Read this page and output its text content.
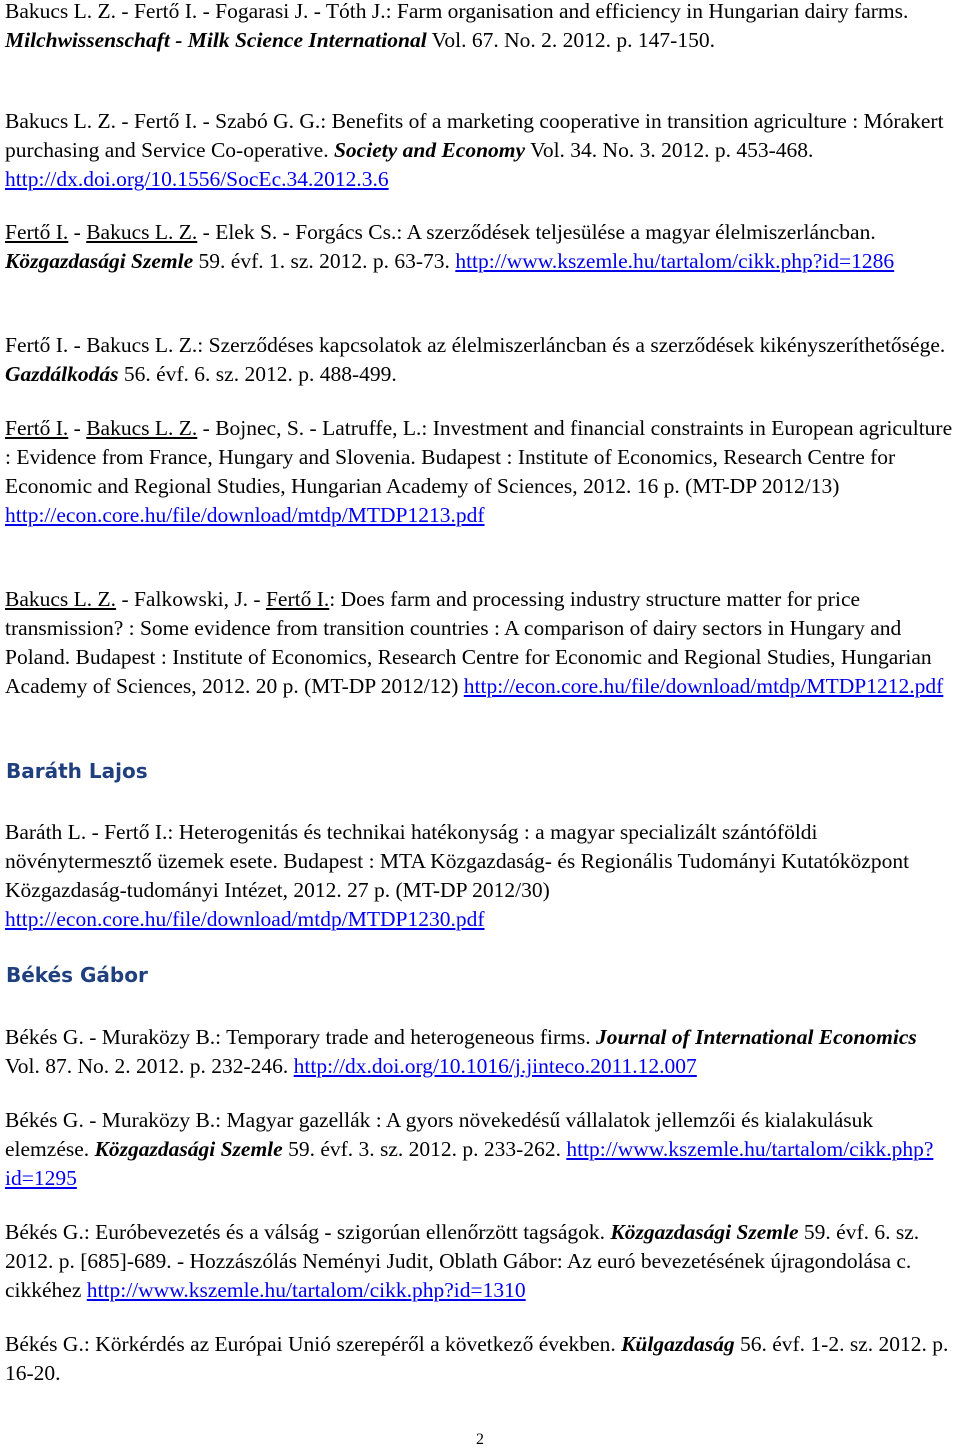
Bakucs L. Z. - Fertő I. - Fogarasi J. - Tóth J.: Farm organisation and efficiency in Hungarian dairy farms. Milchwissenschaft - Milk Science International Vol. 67. No. 2. 2012. p. 147-150.

Bakucs L. Z. - Fertő I. - Szabó G. G.: Benefits of a marketing cooperative in transition agriculture : Mórakert purchasing and Service Co-operative. Society and Economy Vol. 34. No. 3. 2012. p. 453-468. http://dx.doi.org/10.1556/SocEc.34.2012.3.6

Fertő I. - Bakucs L. Z. - Elek S. - Forgács Cs.: A szerződések teljesülése a magyar élelmiszerláncban. Közgazdasági Szemle 59. évf. 1. sz. 2012. p. 63-73. http://www.kszemle.hu/tartalom/cikk.php?id=1286

Fertő I. - Bakucs L. Z.: Szerződéses kapcsolatok az élelmiszerláncban és a szerződések kikényszeríthetősége. Gazdálkodás 56. évf. 6. sz. 2012. p. 488-499.

Fertő I. - Bakucs L. Z. - Bojnec, S. - Latruffe, L.: Investment and financial constraints in European agriculture : Evidence from France, Hungary and Slovenia. Budapest : Institute of Economics, Research Centre for Economic and Regional Studies, Hungarian Academy of Sciences, 2012. 16 p. (MT-DP 2012/13) http://econ.core.hu/file/download/mtdp/MTDP1213.pdf

Bakucs L. Z. - Falkowski, J. - Fertő I.: Does farm and processing industry structure matter for price transmission? : Some evidence from transition countries : A comparison of dairy sectors in Hungary and Poland. Budapest : Institute of Economics, Research Centre for Economic and Regional Studies, Hungarian Academy of Sciences, 2012. 20 p. (MT-DP 2012/12) http://econ.core.hu/file/download/mtdp/MTDP1212.pdf

Baráth Lajos

Baráth L. - Fertő I.: Heterogenitás és technikai hatékonyság : a magyar specializált szántóföldi növénytermesztő üzemek esete. Budapest : MTA Közgazdaság- és Regionális Tudományi Kutatóközpont Közgazdaság-tudományi Intézet, 2012. 27 p. (MT-DP 2012/30) http://econ.core.hu/file/download/mtdp/MTDP1230.pdf

Békés Gábor

Békés G. - Muraközy B.: Temporary trade and heterogeneous firms. Journal of International Economics Vol. 87. No. 2. 2012. p. 232-246. http://dx.doi.org/10.1016/j.jinteco.2011.12.007

Békés G. - Muraközy B.: Magyar gazellák : A gyors növekedésű vállalatok jellemzői és kialakulásuk elemzése. Közgazdasági Szemle 59. évf. 3. sz. 2012. p. 233-262. http://www.kszemle.hu/tartalom/cikk.php?id=1295

Békés G.: Euróbevezetés és a válság - szigorúan ellenőrzött tagságok. Közgazdasági Szemle 59. évf. 6. sz. 2012. p. [685]-689. - Hozzászólás Neményi Judit, Oblath Gábor: Az euró bevezetésének újragondolása c. cikkéhez http://www.kszemle.hu/tartalom/cikk.php?id=1310

Békés G.: Körkérdés az Európai Unió szerepéről a következő években. Külgazdaság 56. évf. 1-2. sz. 2012. p. 16-20.

2
